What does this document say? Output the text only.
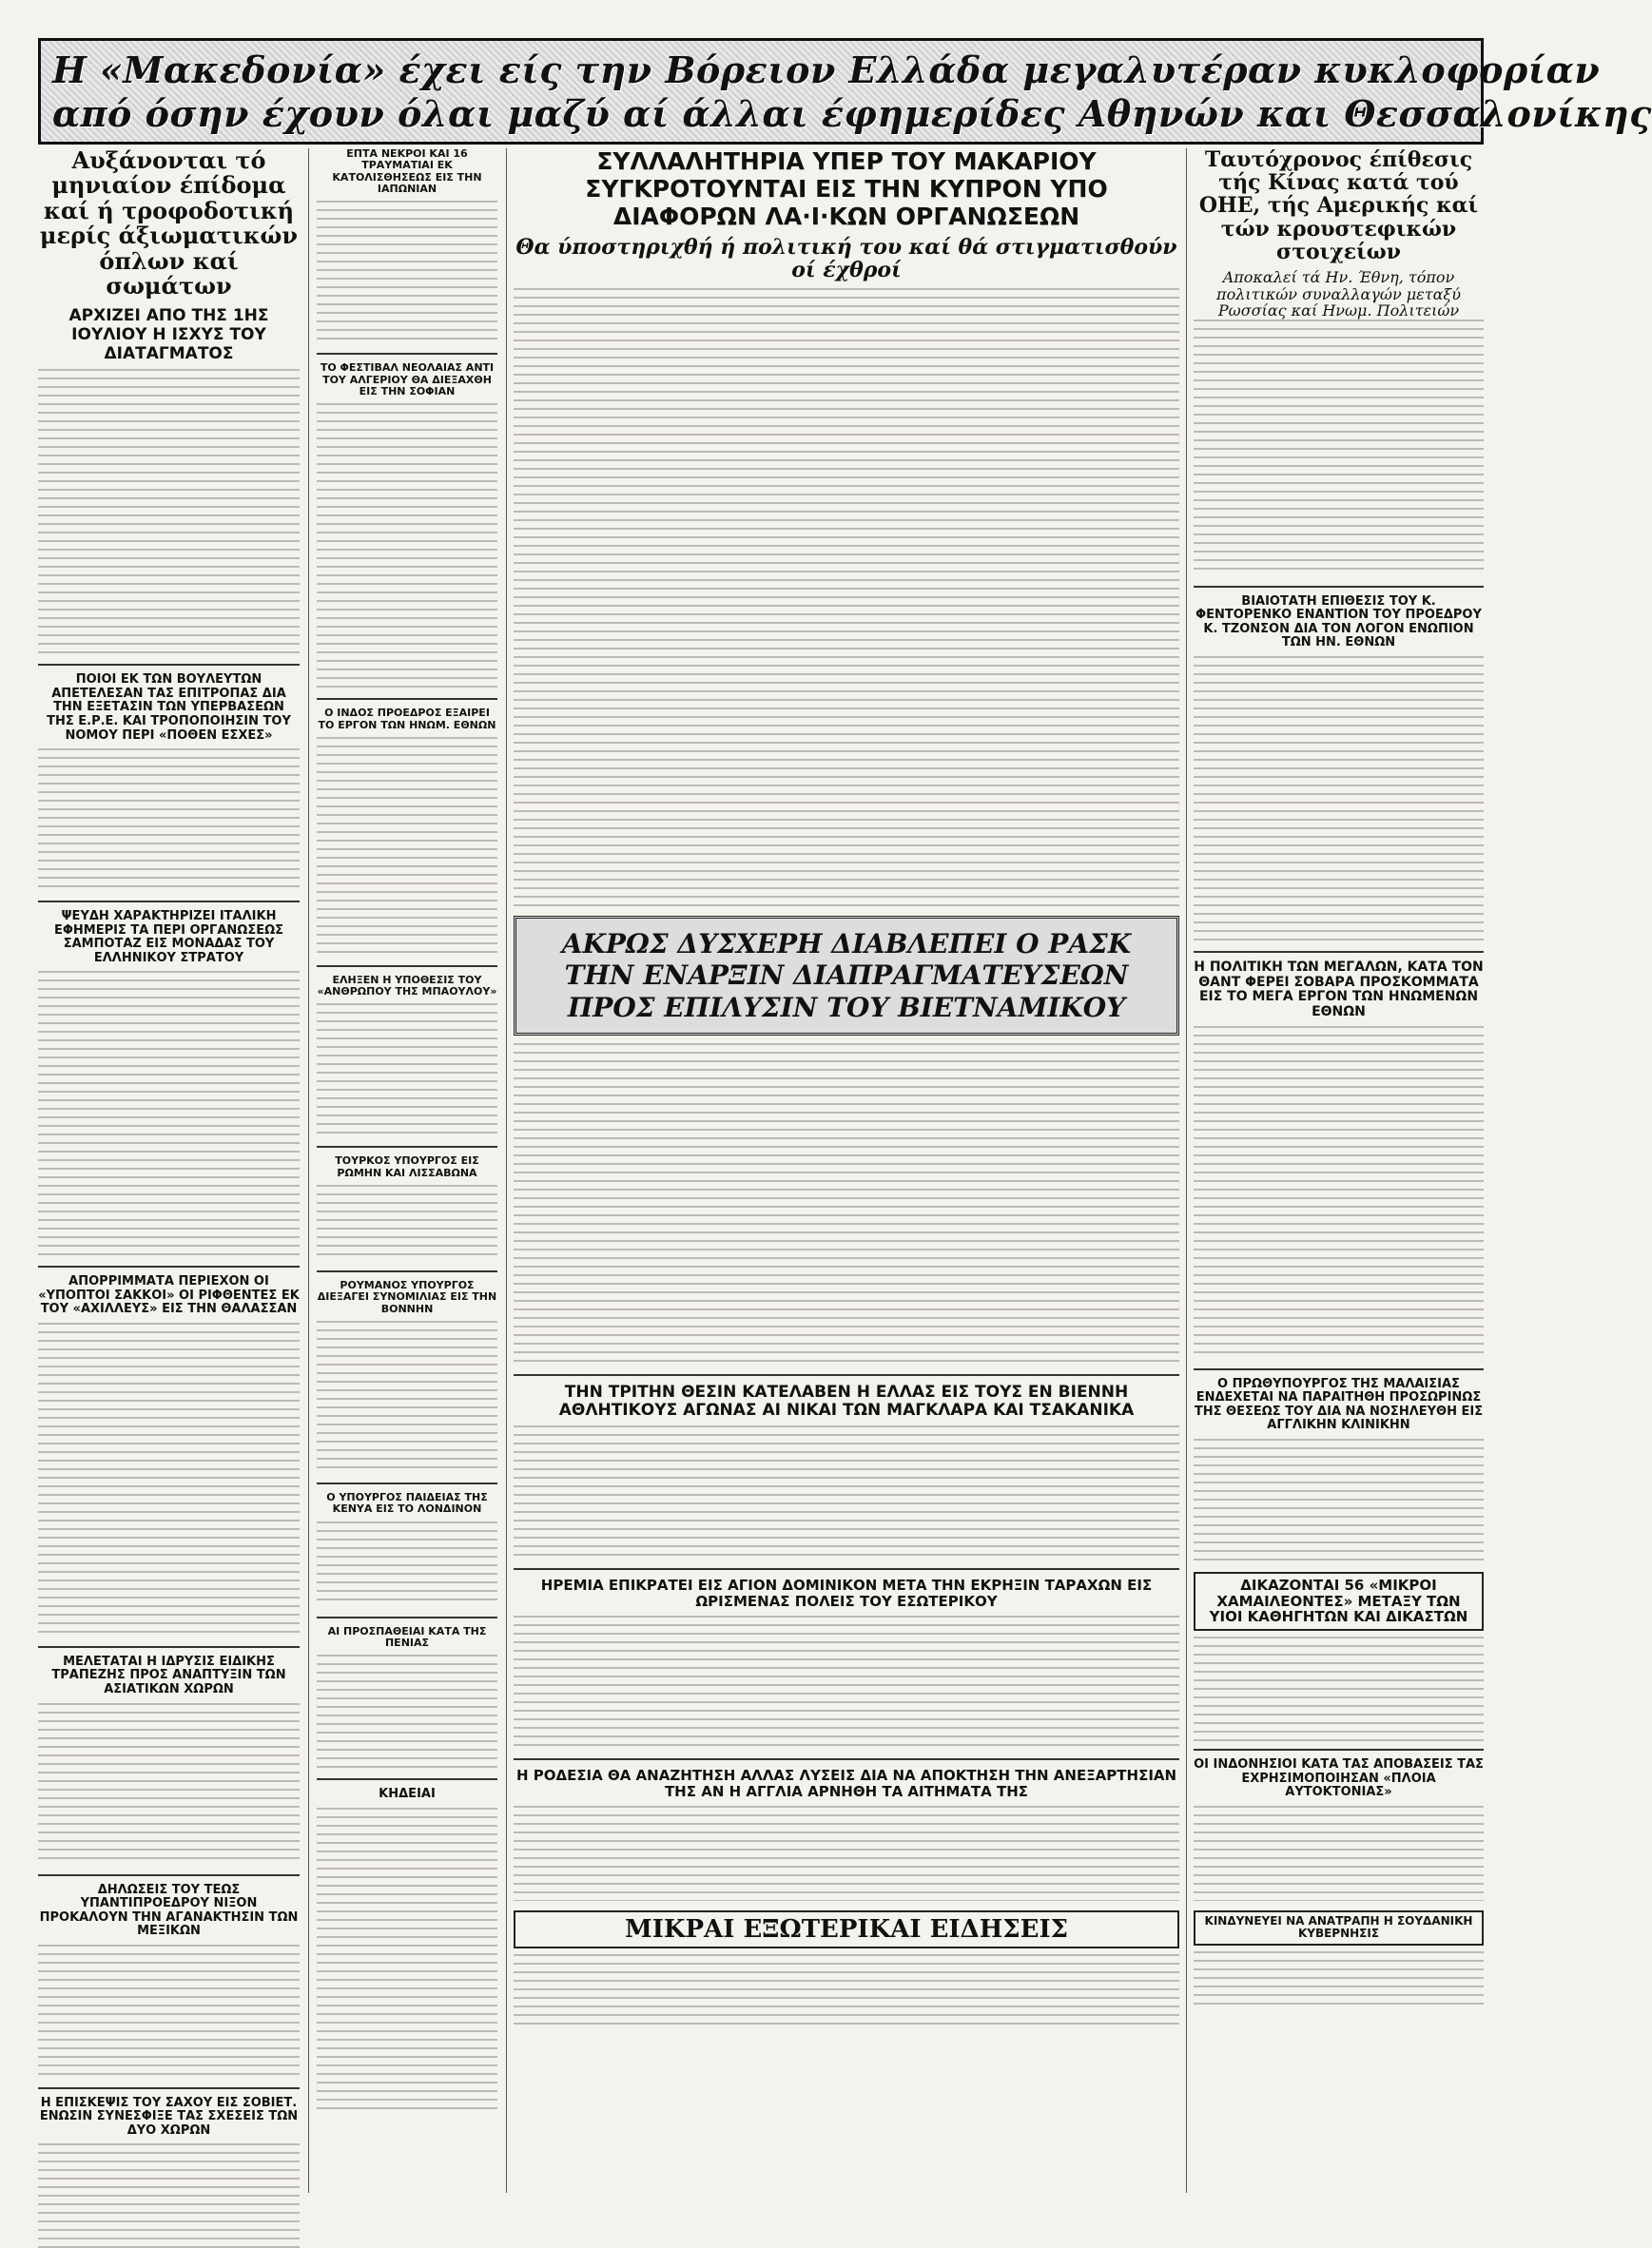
Η «Μακεδονία» έχει είς την Βόρειον Ελλάδα μεγαλυτέραν κυκλοφορίαν
από όσην έχουν όλαι μαζύ αί άλλαι έφημερίδες Αθηνών και Θεσσαλονίκης
Αυξάνονται τό μηνιαίον έπίδομα καί ή τροφοδοτική μερίς άξιωματικών όπλων καί σωμάτων
ΑΡΧΙΖΕΙ ΑΠΟ ΤΗΣ 1ΗΣ ΙΟΥΛΙΟΥ Η ΙΣΧΥΣ ΤΟΥ ΔΙΑΤΑΓΜΑΤΟΣ
ΠΟΙΟΙ ΕΚ ΤΩΝ ΒΟΥΛΕΥΤΩΝ ΑΠΕΤΕΛΕΣΑΝ ΤΑΣ ΕΠΙΤΡΟΠΑΣ ΔΙΑ ΤΗΝ ΕΞΕΤΑΣΙΝ ΤΩΝ ΥΠΕΡΒΑΣΕΩΝ ΤΗΣ Ε.Ρ.Ε. ΚΑΙ ΤΡΟΠΟΠΟΙΗΣΙΝ ΤΟΥ ΝΟΜΟΥ ΠΕΡΙ «ΠΟΘΕΝ ΕΣΧΕΣ»
ΨΕΥΔΗ ΧΑΡΑΚΤΗΡΙΖΕΙ ΙΤΑΛΙΚΗ ΕΦΗΜΕΡΙΣ ΤΑ ΠΕΡΙ ΟΡΓΑΝΩΣΕΩΣ ΣΑΜΠΟΤΑΖ ΕΙΣ ΜΟΝΑΔΑΣ ΤΟΥ ΕΛΛΗΝΙΚΟΥ ΣΤΡΑΤΟΥ
ΑΠΟΡΡΙΜΜΑΤΑ ΠΕΡΙΕΧΟΝ ΟΙ «ΥΠΟΠΤΟΙ ΣΑΚΚΟΙ» ΟΙ ΡΙΦΘΕΝΤΕΣ ΕΚ ΤΟΥ «ΑΧΙΛΛΕΥΣ» ΕΙΣ ΤΗΝ ΘΑΛΑΣΣΑΝ
ΜΕΛΕΤΑΤΑΙ Η ΙΔΡΥΣΙΣ ΕΙΔΙΚΗΣ ΤΡΑΠΕΖΗΣ ΠΡΟΣ ΑΝΑΠΤΥΞΙΝ ΤΩΝ ΑΣΙΑΤΙΚΩΝ ΧΩΡΩΝ
ΔΗΛΩΣΕΙΣ ΤΟΥ ΤΕΩΣ ΥΠΑΝΤΙΠΡΟΕΔΡΟΥ ΝΙΞΟΝ ΠΡΟΚΑΛΟΥΝ ΤΗΝ ΑΓΑΝΑΚΤΗΣΙΝ ΤΩΝ ΜΕΞΙΚΩΝ
Η ΕΠΙΣΚΕΨΙΣ ΤΟΥ ΣΑΧΟΥ ΕΙΣ ΣΟΒΙΕΤ. ΕΝΩΣΙΝ ΣΥΝΕΣΦΙΞΕ ΤΑΣ ΣΧΕΣΕΙΣ ΤΩΝ ΔΥΟ ΧΩΡΩΝ
ΕΠΤΑ ΝΕΚΡΟΙ ΚΑΙ 16 ΤΡΑΥΜΑΤΙΑΙ ΕΚ ΚΑΤΟΛΙΣΘΗΣΕΩΣ ΕΙΣ ΤΗΝ ΙΑΠΩΝΙΑΝ
ΤΟ ΦΕΣΤΙΒΑΛ ΝΕΟΛΑΙΑΣ ΑΝΤΙ ΤΟΥ ΑΛΓΕΡΙΟΥ ΘΑ ΔΙΕΞΑΧΘΗ ΕΙΣ ΤΗΝ ΣΟΦΙΑΝ
Ο ΙΝΔΟΣ ΠΡΟΕΔΡΟΣ ΕΞΑΙΡΕΙ ΤΟ ΕΡΓΟΝ ΤΩΝ ΗΝΩΜ. ΕΘΝΩΝ
ΕΛΗΞΕΝ Η ΥΠΟΘΕΣΙΣ ΤΟΥ «ΑΝΘΡΩΠΟΥ ΤΗΣ ΜΠΑΟΥΛΟΥ»
ΤΟΥΡΚΟΣ ΥΠΟΥΡΓΟΣ ΕΙΣ ΡΩΜΗΝ ΚΑΙ ΛΙΣΣΑΒΩΝΑ
ΡΟΥΜΑΝΟΣ ΥΠΟΥΡΓΟΣ ΔΙΕΞΑΓΕΙ ΣΥΝΟΜΙΛΙΑΣ ΕΙΣ ΤΗΝ ΒΟΝΝΗΝ
Ο ΥΠΟΥΡΓΟΣ ΠΑΙΔΕΙΑΣ ΤΗΣ ΚΕΝΥΑ ΕΙΣ ΤΟ ΛΟΝΔΙΝΟΝ
ΑΙ ΠΡΟΣΠΑΘΕΙΑΙ ΚΑΤΑ ΤΗΣ ΠΕΝΙΑΣ
ΚΗΔΕΙΑΙ
ΣΥΛΛΑΛΗΤΗΡΙΑ ΥΠΕΡ ΤΟΥ ΜΑΚΑΡΙΟΥ ΣΥΓΚΡΟΤΟΥΝΤΑΙ ΕΙΣ ΤΗΝ ΚΥΠΡΟΝ ΥΠΟ ΔΙΑΦΟΡΩΝ ΛΑ·Ι·ΚΩΝ ΟΡΓΑΝΩΣΕΩΝ
Θα ύποστηριχθή ή πολιτική του καί θά στιγματισθούν οί έχθροί
ΑΚΡΩΣ ΔΥΣΧΕΡΗ ΔΙΑΒΛΕΠΕΙ Ο ΡΑΣΚ ΤΗΝ ΕΝΑΡΞΙΝ ΔΙΑΠΡΑΓΜΑΤΕΥΣΕΩΝ ΠΡΟΣ ΕΠΙΛΥΣΙΝ ΤΟΥ ΒΙΕΤΝΑΜΙΚΟΥ
ΤΗΝ ΤΡΙΤΗΝ ΘΕΣΙΝ ΚΑΤΕΛΑΒΕΝ Η ΕΛΛΑΣ ΕΙΣ ΤΟΥΣ ΕΝ ΒΙΕΝΝΗ ΑΘΛΗΤΙΚΟΥΣ ΑΓΩΝΑΣ ΑΙ ΝΙΚΑΙ ΤΩΝ ΜΑΓΚΛΑΡΑ ΚΑΙ ΤΣΑΚΑΝΙΚΑ
ΗΡΕΜΙΑ ΕΠΙΚΡΑΤΕΙ ΕΙΣ ΑΓΙΟΝ ΔΟΜΙΝΙΚΟΝ ΜΕΤΑ ΤΗΝ ΕΚΡΗΞΙΝ ΤΑΡΑΧΩΝ ΕΙΣ ΩΡΙΣΜΕΝΑΣ ΠΟΛΕΙΣ ΤΟΥ ΕΣΩΤΕΡΙΚΟΥ
Η ΡΟΔΕΣΙΑ ΘΑ ΑΝΑΖΗΤΗΣΗ ΑΛΛΑΣ ΛΥΣΕΙΣ ΔΙΑ ΝΑ ΑΠΟΚΤΗΣΗ ΤΗΝ ΑΝΕΞΑΡΤΗΣΙΑΝ ΤΗΣ ΑΝ Η ΑΓΓΛΙΑ ΑΡΝΗΘΗ ΤΑ ΑΙΤΗΜΑΤΑ ΤΗΣ
ΜΙΚΡΑΙ ΕΞΩΤΕΡΙΚΑΙ ΕΙΔΗΣΕΙΣ
Ταυτόχρονος έπίθεσις τής Κίνας κατά τού ΟΗΕ, τής Αμερικής καί τών κρουστεφικών στοιχείων
Αποκαλεί τά Ην. Έθνη, τόπον πολιτικών συναλλαγών μεταξύ Ρωσσίας καί Ηνωμ. Πολιτειών
ΒΙΑΙΟΤΑΤΗ ΕΠΙΘΕΣΙΣ ΤΟΥ Κ. ΦΕΝΤΟΡΕΝΚΟ ΕΝΑΝΤΙΟΝ ΤΟΥ ΠΡΟΕΔΡΟΥ Κ. ΤΖΟΝΣΟΝ ΔΙΑ ΤΟΝ ΛΟΓΟΝ ΕΝΩΠΙΟΝ ΤΩΝ ΗΝ. ΕΘΝΩΝ
Η ΠΟΛΙΤΙΚΗ ΤΩΝ ΜΕΓΑΛΩΝ, ΚΑΤΑ ΤΟΝ ΘΑΝΤ ΦΕΡΕΙ ΣΟΒΑΡΑ ΠΡΟΣΚΟΜΜΑΤΑ ΕΙΣ ΤΟ ΜΕΓΑ ΕΡΓΟΝ ΤΩΝ ΗΝΩΜΕΝΩΝ ΕΘΝΩΝ
Ο ΠΡΩΘΥΠΟΥΡΓΟΣ ΤΗΣ ΜΑΛΑΙΣΙΑΣ ΕΝΔΕΧΕΤΑΙ ΝΑ ΠΑΡΑΙΤΗΘΗ ΠΡΟΣΩΡΙΝΩΣ ΤΗΣ ΘΕΣΕΩΣ ΤΟΥ ΔΙΑ ΝΑ ΝΟΣΗΛΕΥΘΗ ΕΙΣ ΑΓΓΛΙΚΗΝ ΚΛΙΝΙΚΗΝ
ΔΙΚΑΖΟΝΤΑΙ 56 «ΜΙΚΡΟΙ ΧΑΜΑΙΛΕΟΝΤΕΣ» ΜΕΤΑΞΥ ΤΩΝ ΥΙΟΙ ΚΑΘΗΓΗΤΩΝ ΚΑΙ ΔΙΚΑΣΤΩΝ
ΟΙ ΙΝΔΟΝΗΣΙΟΙ ΚΑΤΑ ΤΑΣ ΑΠΟΒΑΣΕΙΣ ΤΑΣ ΕΧΡΗΣΙΜΟΠΟΙΗΣΑΝ «ΠΛΟΙΑ ΑΥΤΟΚΤΟΝΙΑΣ»
ΚΙΝΔΥΝΕΥΕΙ ΝΑ ΑΝΑΤΡΑΠΗ Η ΣΟΥΔΑΝΙΚΗ ΚΥΒΕΡΝΗΣΙΣ
